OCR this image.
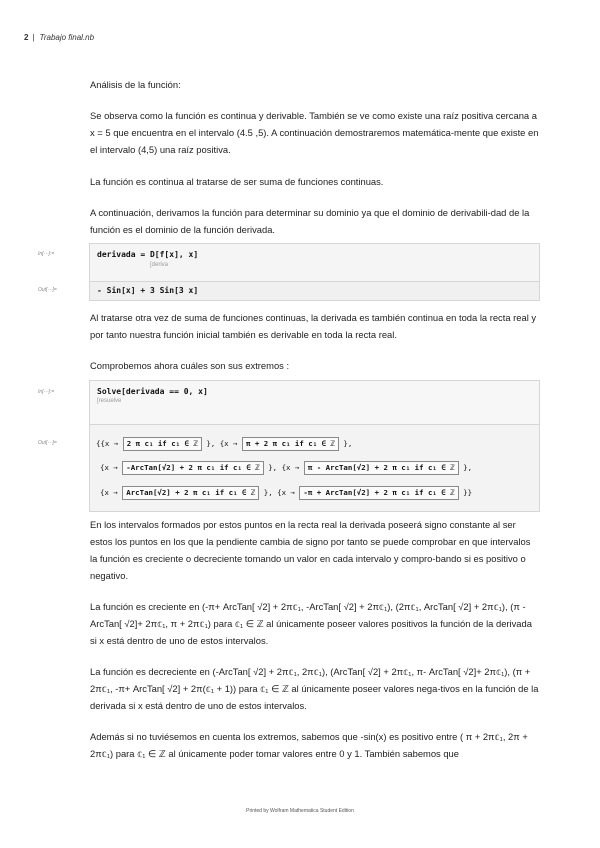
2 | Trabajo final.nb
Análisis de la función:
Se observa como la función es continua y derivable. También se ve como existe una raíz positiva cercana a x = 5 que encuentra en el intervalo (4.5 ,5). A continuación demostraremos matemática-mente que existe en el intervalo (4,5) una raíz positiva.
La función es continua al tratarse de ser suma de funciones continuas.
A continuación, derivamos la función para determinar su dominio ya que el dominio de derivabili-dad de la función es el dominio de la función derivada.
In[⋯]:=	derivada = D[f[x], x]
[deriva
Out[⋯]=	- Sin[x] + 3 Sin[3 x]
Al tratarse otra vez de suma de funciones continuas, la derivada es también continua en toda la recta real y por tanto nuestra función inicial también es derivable en toda la recta real.
Comprobemos ahora cuáles son sus extremos :
In[⋯]:=	Solve[derivada == 0, x]
[resuelve
Out[⋯]=	{{x → 2 π c₁ if c₁ ∈ ℤ }, {x → π + 2 π c₁ if c₁ ∈ ℤ },
{x → -ArcTan[√2] + 2 π c₁ if c₁ ∈ ℤ }, {x → π - ArcTan[√2] + 2 π c₁ if c₁ ∈ ℤ },
{x → ArcTan[√2] + 2 π c₁ if c₁ ∈ ℤ }, {x → -π + ArcTan[√2] + 2 π c₁ if c₁ ∈ ℤ }}
En los intervalos formados por estos puntos en la recta real la derivada poseerá signo constante al ser estos los puntos en los que la pendiente cambia de signo por tanto se puede comprobar en que intervalos la función es creciente o decreciente tomando un valor en cada intervalo y compro-bando si es positivo o negativo.
La función es creciente en (-π+ ArcTan[ √2] + 2π𝕔₁, -ArcTan[ √2] + 2π𝕔₁), (2π𝕔₁, ArcTan[ √2] + 2π𝕔₁), (π - ArcTan[ √2]+ 2π𝕔₁, π + 2π𝕔₁) para 𝕔₁ ∈ ℤ al únicamente poseer valores positivos la función de la derivada si x está dentro de uno de estos intervalos.
La función es decreciente en (-ArcTan[ √2] + 2π𝕔₁, 2π𝕔₁), (ArcTan[ √2] + 2π𝕔₁, π- ArcTan[ √2]+ 2π𝕔₁), (π + 2π𝕔₁, -π+ ArcTan[ √2] + 2π(𝕔₁ + 1)) para 𝕔₁ ∈ ℤ al únicamente poseer valores nega-tivos en la función de la derivada si x está dentro de uno de estos intervalos.
Además si no tuviésemos en cuenta los extremos, sabemos que -sin(x) es positivo entre ( π + 2π𝕔₁, 2π + 2π𝕔₁) para 𝕔₁ ∈ ℤ al únicamente poder tomar valores entre 0 y 1. También sabemos que
Printed by Wolfram Mathematica Student Edition
